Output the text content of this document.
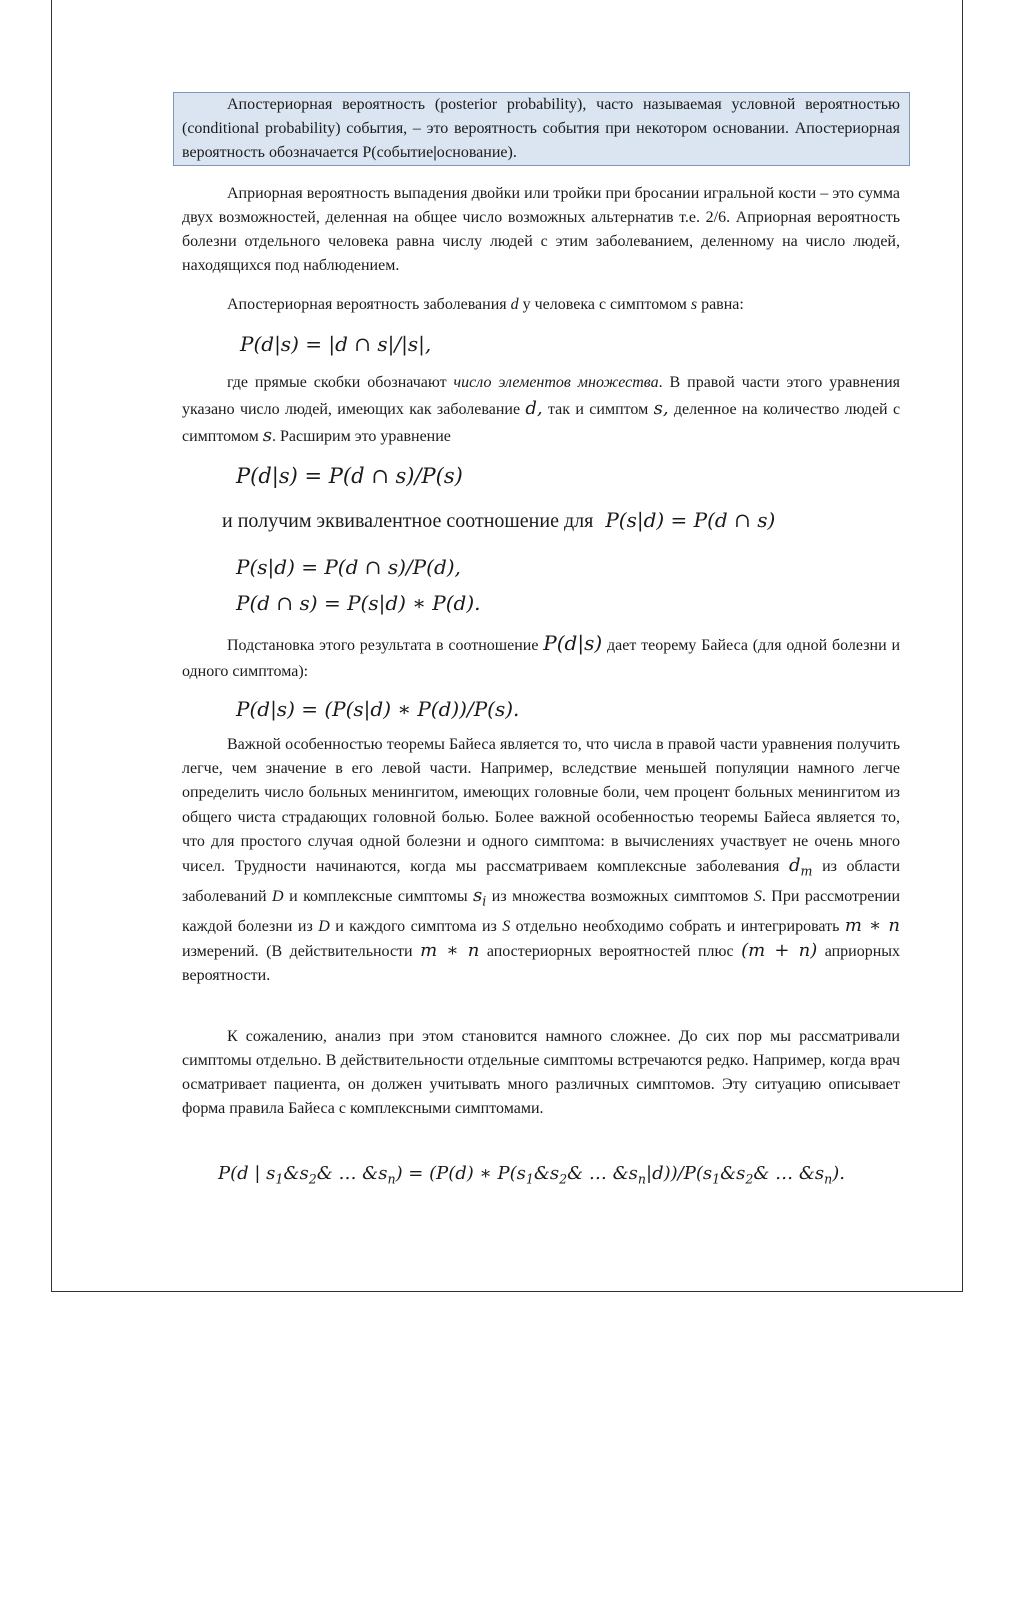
Апостериорная вероятность (posterior probability), часто называемая условной вероятностью (conditional probability) события, – это вероятность события при некотором основании. Апостериорная вероятность обозначается P(событие|основание).

Априорная вероятность выпадения двойки или тройки при бросании игральной кости – это сумма двух возможностей, деленная на общее число возможных альтернатив т.е. 2/6. Априорная вероятность болезни отдельного человека равна числу людей с этим заболеванием, деленному на число людей, находящихся под наблюдением.

Апостериорная вероятность заболевания d у человека с симптомом s равна:

P(d|s) = |d ∩ s|/|s|,

где прямые скобки обозначают число элементов множества. В правой части этого уравнения указано число людей, имеющих как заболевание d, так и симптом s, деленное на количество людей с симптомом s. Расширим это уравнение

P(d|s) = P(d ∩ s)/P(s)
и получим эквивалентное соотношение для P(s|d) = P(d ∩ s)
P(s|d) = P(d ∩ s)/P(d),
P(d ∩ s) = P(s|d) ∗ P(d).

Подстановка этого результата в соотношение P(d|s) дает теорему Байеса (для одной болезни и одного симптома):

P(d|s) = (P(s|d) ∗ P(d))/P(s).

Важной особенностью теоремы Байеса является то, что числа в правой части уравнения получить легче, чем значение в его левой части. Например, вследствие меньшей популяции намного легче определить число больных менингитом, имеющих головные боли, чем процент больных менингитом из общего чиста страдающих головной болью. Более важной особенностью теоремы Байеса является то, что для простого случая одной болезни и одного симптома: в вычислениях участвует не очень много чисел. Трудности начинаются, когда мы рассматриваем комплексные заболевания $d_m$ из области заболеваний D и комплексные симптомы $s_i$ из множества возможных симптомов S. При рассмотрении каждой болезни из D и каждого симптома из S отдельно необходимо собрать и интегрировать m ∗ n измерений. (В действительности m ∗ n апостериорных вероятностей плюс (m + n) априорных вероятности.

К сожалению, анализ при этом становится намного сложнее. До сих пор мы рассматривали симптомы отдельно. В действительности отдельные симптомы встречаются редко. Например, когда врач осматривает пациента, он должен учитывать много различных симптомов. Эту ситуацию описывает форма правила Байеса с комплексными симптомами.

P(d | $s_1\&s_2\&$ … $\&s_n) = (P(d)$ ∗ $P(s_1\&s_2\&$ … $\&s_n|d))/P(s_1\&s_2\&$ … $\&s_n$).
